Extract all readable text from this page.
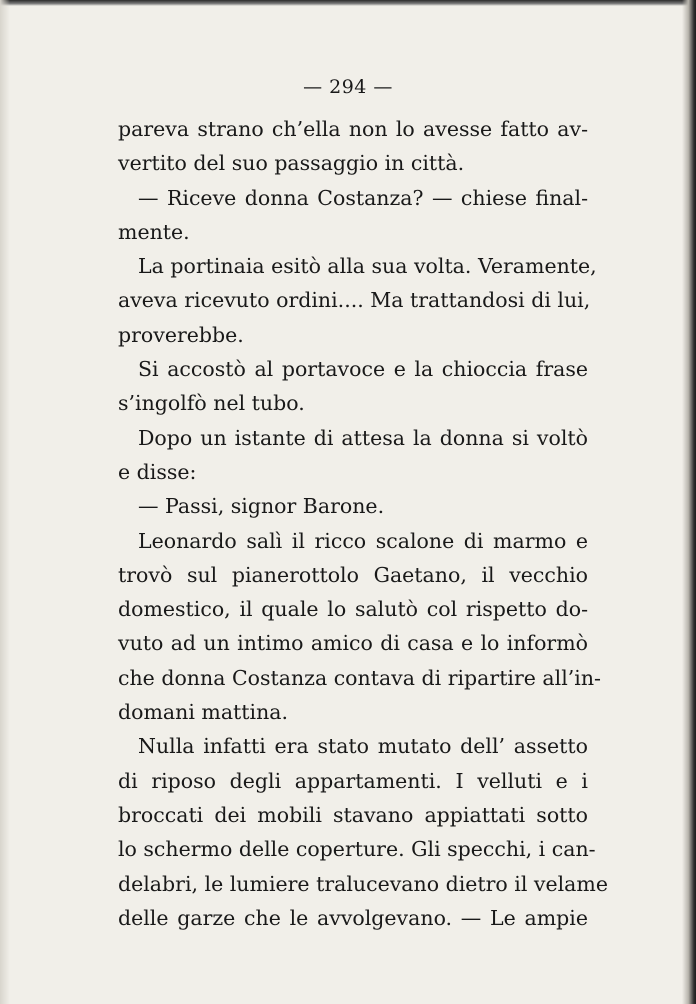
— 294 —
pareva strano ch’ella non lo avesse fatto av-
vertito del suo passaggio in città.
— Riceve donna Costanza? — chiese final-
mente.
La portinaia esitò alla sua volta. Veramente,
aveva ricevuto ordini.... Ma trattandosi di lui,
proverebbe.
Si accostò al portavoce e la chioccia frase
s’ingolfò nel tubo.
Dopo un istante di attesa la donna si voltò
e disse:
— Passi, signor Barone.
Leonardo salì il ricco scalone di marmo e
trovò sul pianerottolo Gaetano, il vecchio
domestico, il quale lo salutò col rispetto do-
vuto ad un intimo amico di casa e lo informò
che donna Costanza contava di ripartire all’in-
domani mattina.
Nulla infatti era stato mutato dell’ assetto
di riposo degli appartamenti. I velluti e i
broccati dei mobili stavano appiattati sotto
lo schermo delle coperture. Gli specchi, i can-
delabri, le lumiere tralucevano dietro il velame
delle garze che le avvolgevano. — Le ampie
